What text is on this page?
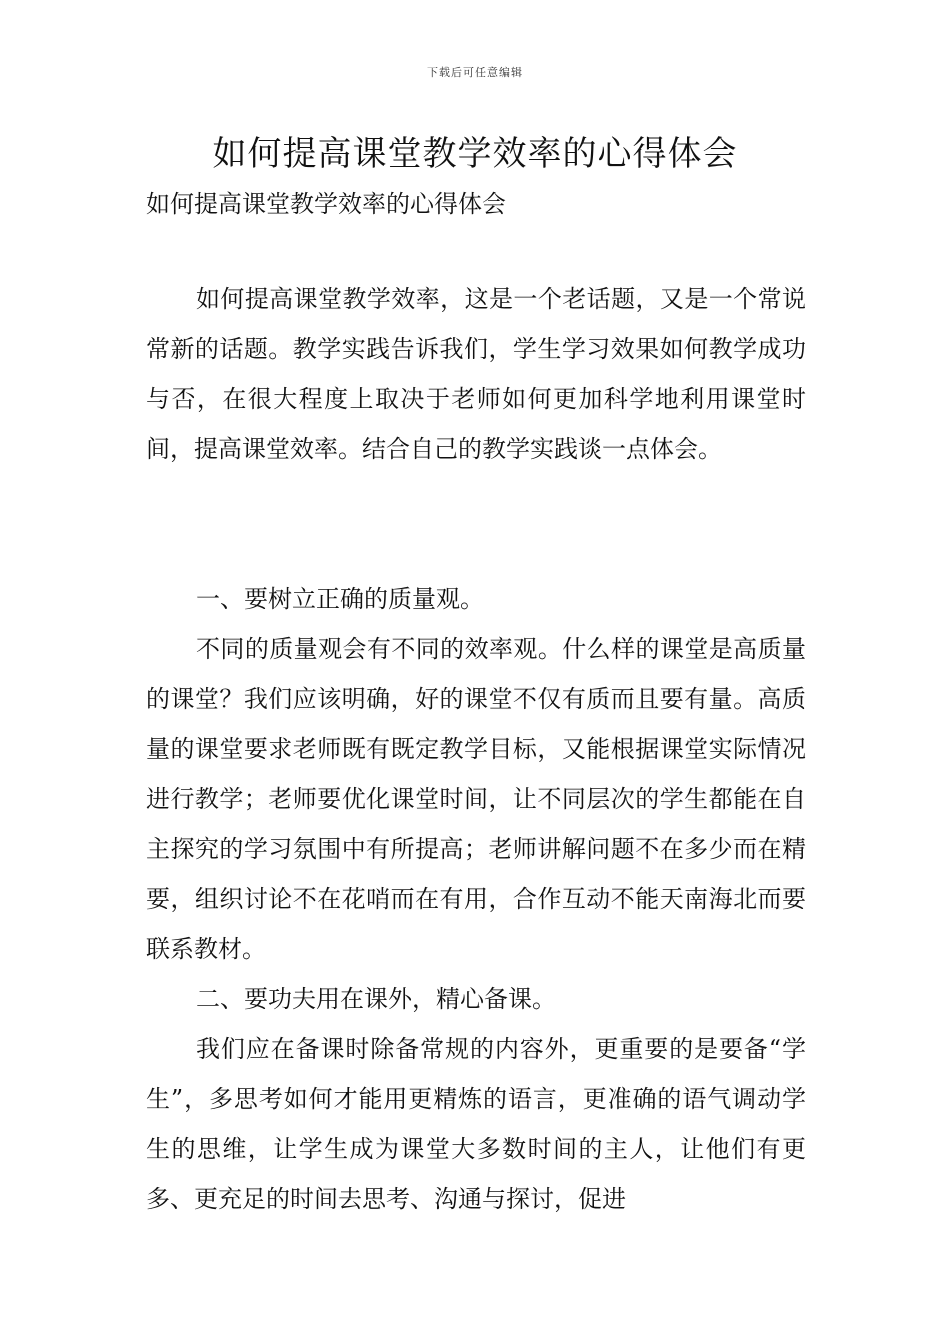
下载后可任意编辑
如何提高课堂教学效率的心得体会

如何提高课堂教学效率的心得体会

如何提高课堂教学效率，这是一个老话题，又是一个常说常新的话题。教学实践告诉我们，学生学习效果如何教学成功与否，在很大程度上取决于老师如何更加科学地利用课堂时间，提高课堂效率。结合自己的教学实践谈一点体会。

一、要树立正确的质量观。

不同的质量观会有不同的效率观。什么样的课堂是高质量的课堂？我们应该明确，好的课堂不仅有质而且要有量。高质量的课堂要求老师既有既定教学目标，又能根据课堂实际情况进行教学；老师要优化课堂时间，让不同层次的学生都能在自主探究的学习氛围中有所提高；老师讲解问题不在多少而在精要，组织讨论不在花哨而在有用，合作互动不能天南海北而要联系教材。

二、要功夫用在课外，精心备课。

我们应在备课时除备常规的内容外，更重要的是要备“学生”，多思考如何才能用更精炼的语言，更准确的语气调动学生的思维，让学生成为课堂大多数时间的主人，让他们有更多、更充足的时间去思考、沟通与探讨，促进
